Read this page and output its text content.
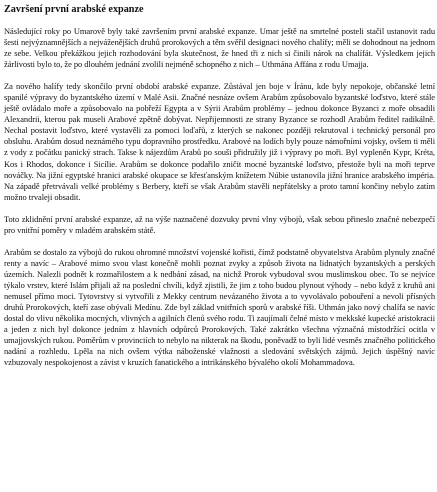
Završení první arabské expanze

Následující roky po Umarově byly také završením první arabské expanze. Umar ještě na smrtelné posteli stačil ustanovit radu šesti nejvýznamnějších a nejváženějších druhů prorokových a těm svěřil designaci nového chalífy; měli se dohodnout na jednom ze sebe. Velkou překážkou jejich rozhodování byla skutečnost, že hned tři z nich si činili nárok na chalífát. Výsledkem jejich žárlivosti bylo to, že po dlouhém jednání zvolili nejméně schopného z nich – Uthmána Affána z rodu Umajja.

Za nového halífy tedy skončilo první období arabské expanze. Zůstával jen boje v Íránu, kde byly nepokoje, občanské letní spanilé výpravy do byzantského území v Malé Asii. Značné nesnáze ovšem Arabům způsobovalo byzantské loďstvo, které stále ještě ovládalo moře a způsobovalo na pobřeží Egypta a v Sýrii Arabům problémy – jednou dokonce Byzanci z moře obsadili Alexandrii, kterou pak museli Arabové zpětně dobývat. Nepřijemnosti ze strany Byzance se rozhodl Arabům ředitel radikálně. Nechal postavit loďstvo, které vystavěli za pomoci loďařů, z kterých se nakonec později rekrutoval i technický personál pro obsluhu. Arabům dosud neznámého typu dopravního prostředku. Arabové na lodích byly pouze námořními vojsky, ovšem ti měli z vody z počátku panický strach. Takse k nájezdům Arabů po souši přidružily již i výpravy po moři. Byl vypleněn Kypr, Kréta, Kos i Rhodos, dokonce i Sicílie. Arabům se dokonce podařilo zničit mocné byzantské loďstvo, přestože byli na moři teprve nováčky. Na jižní egyptské hranici arabské okupace se křesťanským knížetem Núbie ustanovila jižní hranice arabského impéria. Na západě přetrvávali velké problémy s Berbery, kteří se však Arabům stavěli nepřátelsky a proto tamní končiny nebylo zatím možno trvaleji obsadit.

Toto zklidnění první arabské expanze, až na výše naznačené dozvuky první vlny výbojů, však sebou přineslo značné nebezpečí pro vnitřní poměry v mladém arabském státě.

Arabům se dostalo za výbojů do rukou ohromné množství vojenské kořisti, čímž podstatně obyvatelstva Arabům plynuly značné renty a navíc – Arabové mimo svou vlast konečně mohli poznat zvyky a způsob života na lidnatých byzantských a perských územích. Nalezli podnět k rozmařilostem a k nedbání zásad, na nichž Prorok vybudoval svou muslimskou obec. To se nejvíce týkalo vrstev, které Islám přijali až na poslední chvíli, když zjistili, že jim z toho budou plynout výhody – nebo když z kruhů ani nemusel přímo moci. Tytovrstvy si vytvořili z Mekky centrum nevázaného života a to vyvolávalo pobouření a nevoli přísných druhů Prorokových, kteří zase obývali Medínu. Zde byl základ vnitřních sporů v arabské říši. Uthmán jako nový chalífa se navíc dostal do vlivu několika mocných, vlivných a agilních členů svého rodu. Ti zaujímali čelné místo v mekkské kupecké aristokracii a jeden z nich byl dokonce jedním z hlavních odpůrců Prorokových. Také zakrátko všechna význačná místodržící ocitla v umajjovských rukou. Poměrům v provinciích to nebylo na nikterak na škodu, poněvadž to byli lidé vesměs značného politického nadání a rozhledu. Lpěla na nich ovšem výtka náboženské vlažnosti a sledování světských zájmů. Jejich úspěšný navíc vzbuzovaly nespokojenost a závist v kruzích fanatického a intrikánského bývalého okolí Mohammadova.
